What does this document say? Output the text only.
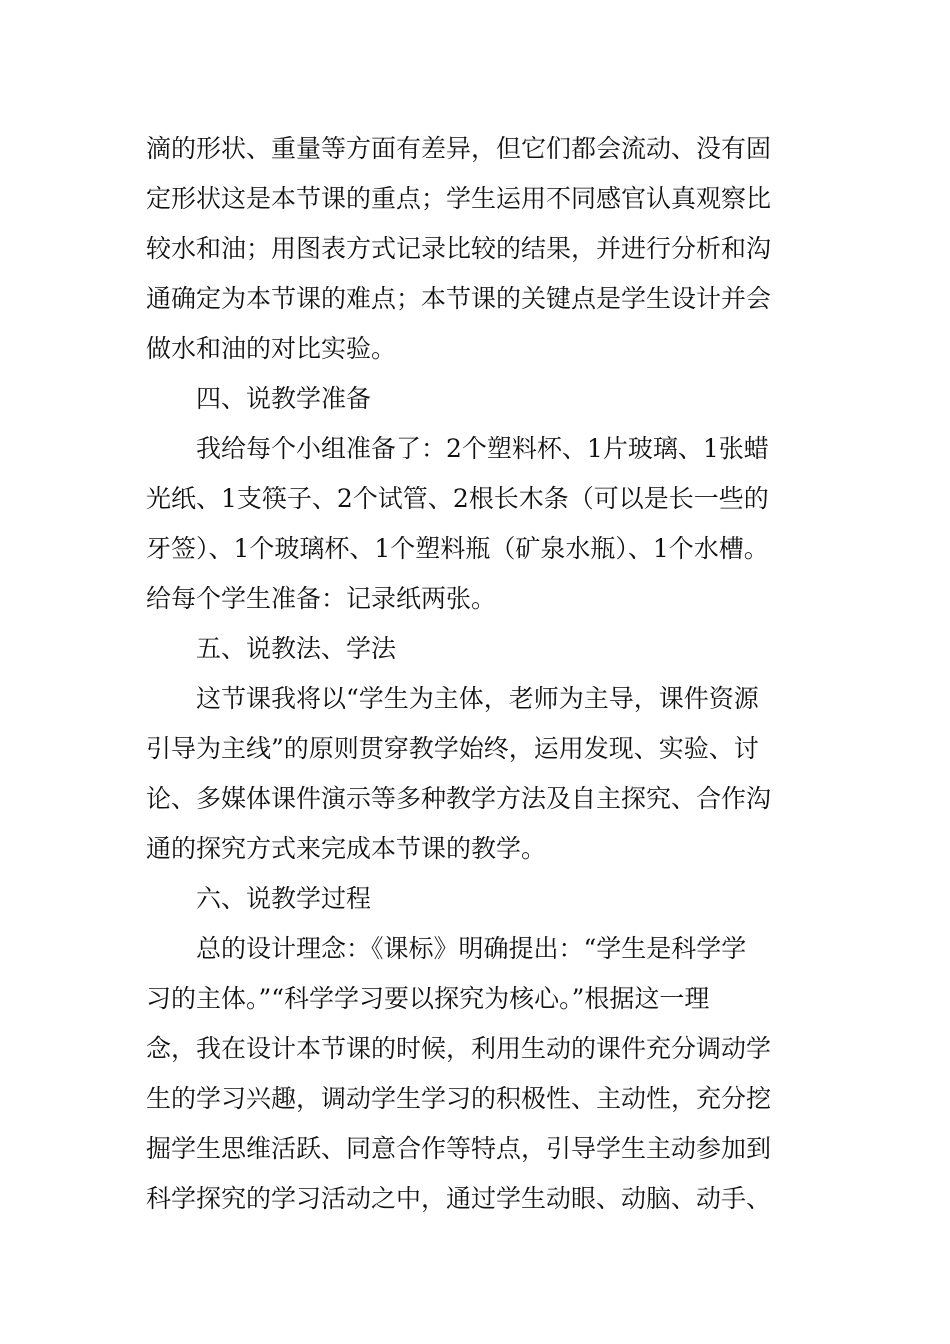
滴的形状、重量等方面有差异，但它们都会流动、没有固

定形状这是本节课的重点；学生运用不同感官认真观察比

较水和油；用图表方式记录比较的结果，并进行分析和沟

通确定为本节课的难点；本节课的关键点是学生设计并会

做水和油的对比实验。

四、说教学准备

我给每个小组准备了：2个塑料杯、1片玻璃、1张蜡

光纸、1支筷子、2个试管、2根长木条（可以是长一些的

牙签）、1个玻璃杯、1个塑料瓶（矿泉水瓶）、1个水槽。

给每个学生准备：记录纸两张。

五、说教法、学法

这节课我将以“学生为主体，老师为主导，课件资源

引导为主线”的原则贯穿教学始终，运用发现、实验、讨

论、多媒体课件演示等多种教学方法及自主探究、合作沟

通的探究方式来完成本节课的教学。

六、说教学过程

总的设计理念：《课标》明确提出：“学生是科学学

习的主体。”“科学学习要以探究为核心。”根据这一理

念，我在设计本节课的时候，利用生动的课件充分调动学

生的学习兴趣，调动学生学习的积极性、主动性，充分挖

掘学生思维活跃、同意合作等特点，引导学生主动参加到

科学探究的学习活动之中，通过学生动眼、动脑、动手、
